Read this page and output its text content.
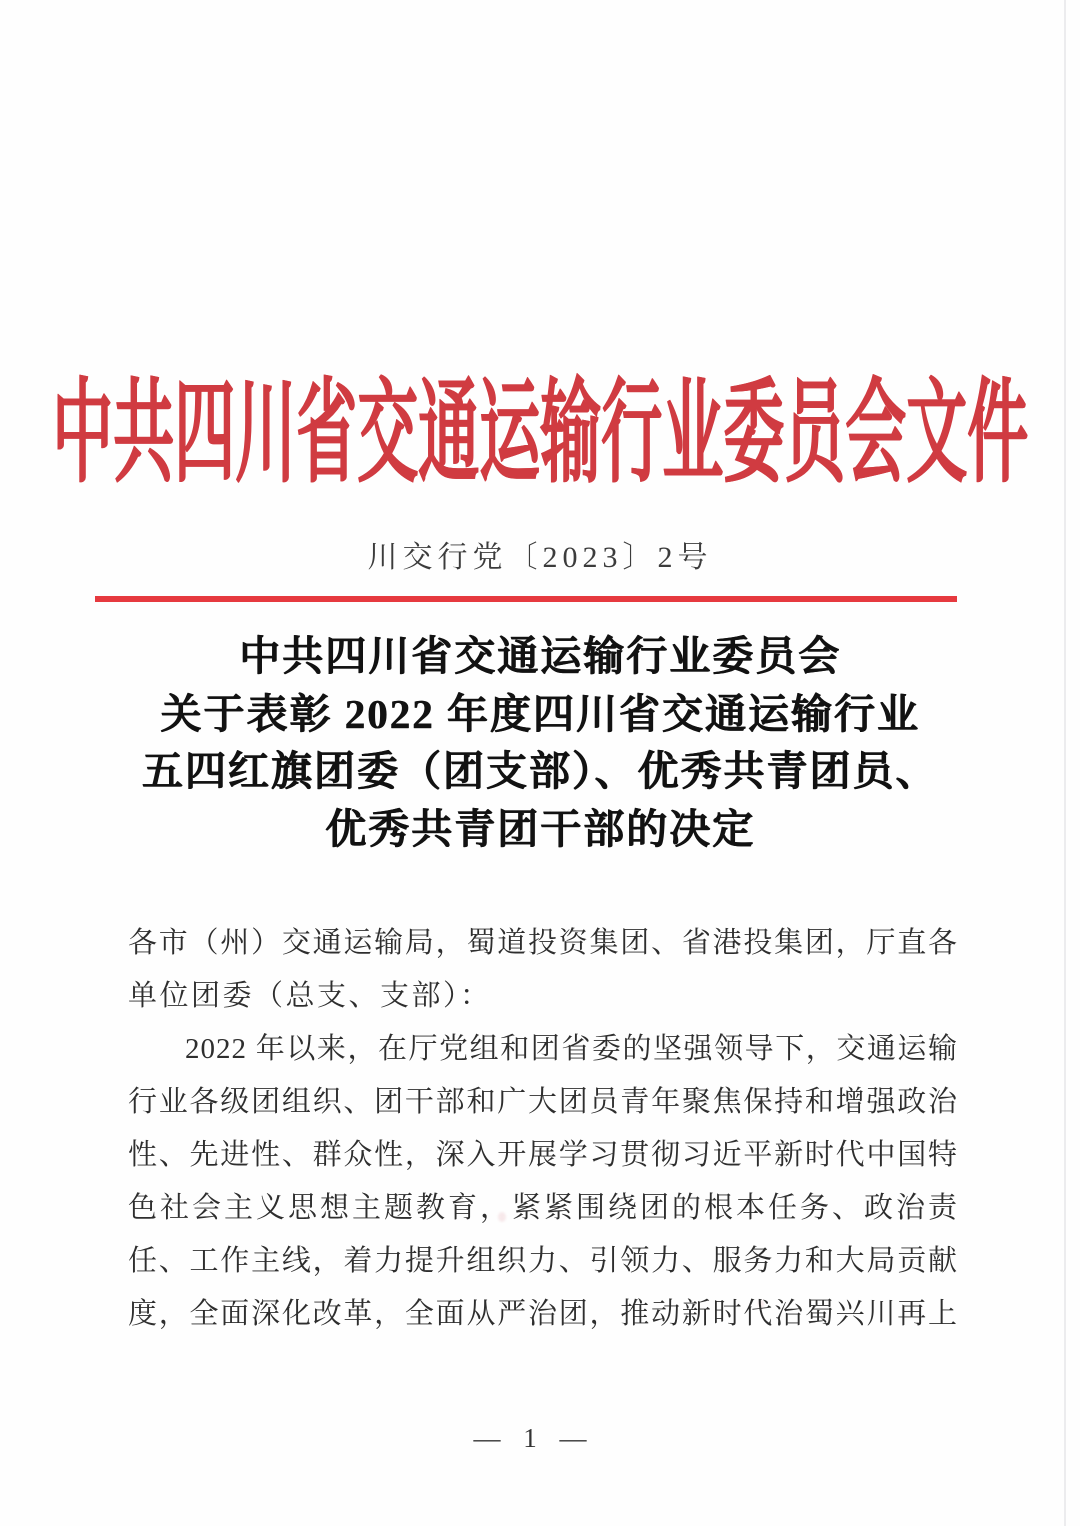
中共四川省交通运输行业委员会文件
川交行党〔2023〕2号
中共四川省交通运输行业委员会
关于表彰 2022 年度四川省交通运输行业
五四红旗团委（团支部）、优秀共青团员、
优秀共青团干部的决定
各市（州）交通运输局，蜀道投资集团、省港投集团，厅直各
单位团委（总支、支部）：
2022 年以来，在厅党组和团省委的坚强领导下，交通运输
行业各级团组织、团干部和广大团员青年聚焦保持和增强政治
性、先进性、群众性，深入开展学习贯彻习近平新时代中国特
色社会主义思想主题教育，紧紧围绕团的根本任务、政治责
任、工作主线，着力提升组织力、引领力、服务力和大局贡献
度，全面深化改革，全面从严治团，推动新时代治蜀兴川再上
— 1 —
